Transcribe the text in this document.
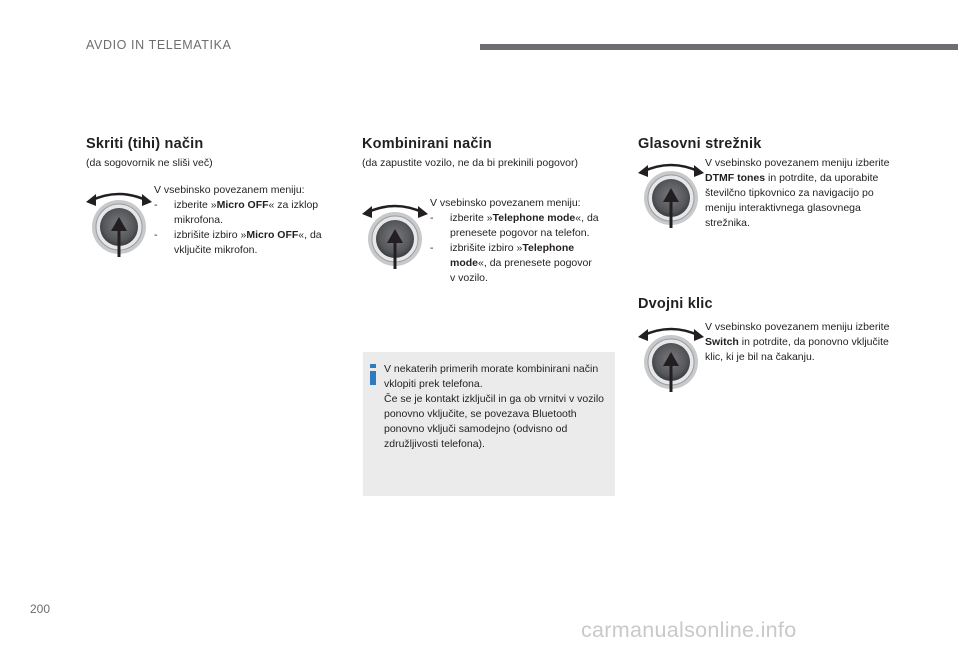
AVDIO IN TELEMATIKA
Skriti (tihi) način
(da sogovornik ne sliši več)

V vsebinsko povezanem meniju:

- izberite »Micro OFF« za izklop mikrofona.

- izbrišite izbiro »Micro OFF«, da vključite mikrofon.

Kombinirani način
(da zapustite vozilo, ne da bi prekinili pogovor)

V vsebinsko povezanem meniju:

- izberite »Telephone mode«, da prenesete pogovor na telefon.

- izbrišite izbiro »Telephone mode«, da prenesete pogovor v vozilo.

V nekaterih primerih morate kombinirani način vklopiti prek telefona.

Če se je kontakt izključil in ga ob vrnitvi v vozilo ponovno vključite, se povezava Bluetooth ponovno vključi samodejno (odvisno od združljivosti telefona).

Glasovni strežnik

V vsebinsko povezanem meniju izberite DTMF tones in potrdite, da uporabite številčno tipkovnico za navigacijo po meniju interaktivnega glasovnega strežnika.

Dvojni klic

V vsebinsko povezanem meniju izberite Switch in potrdite, da ponovno vključite klic, ki je bil na čakanju.

200
carmanualsonline.info
